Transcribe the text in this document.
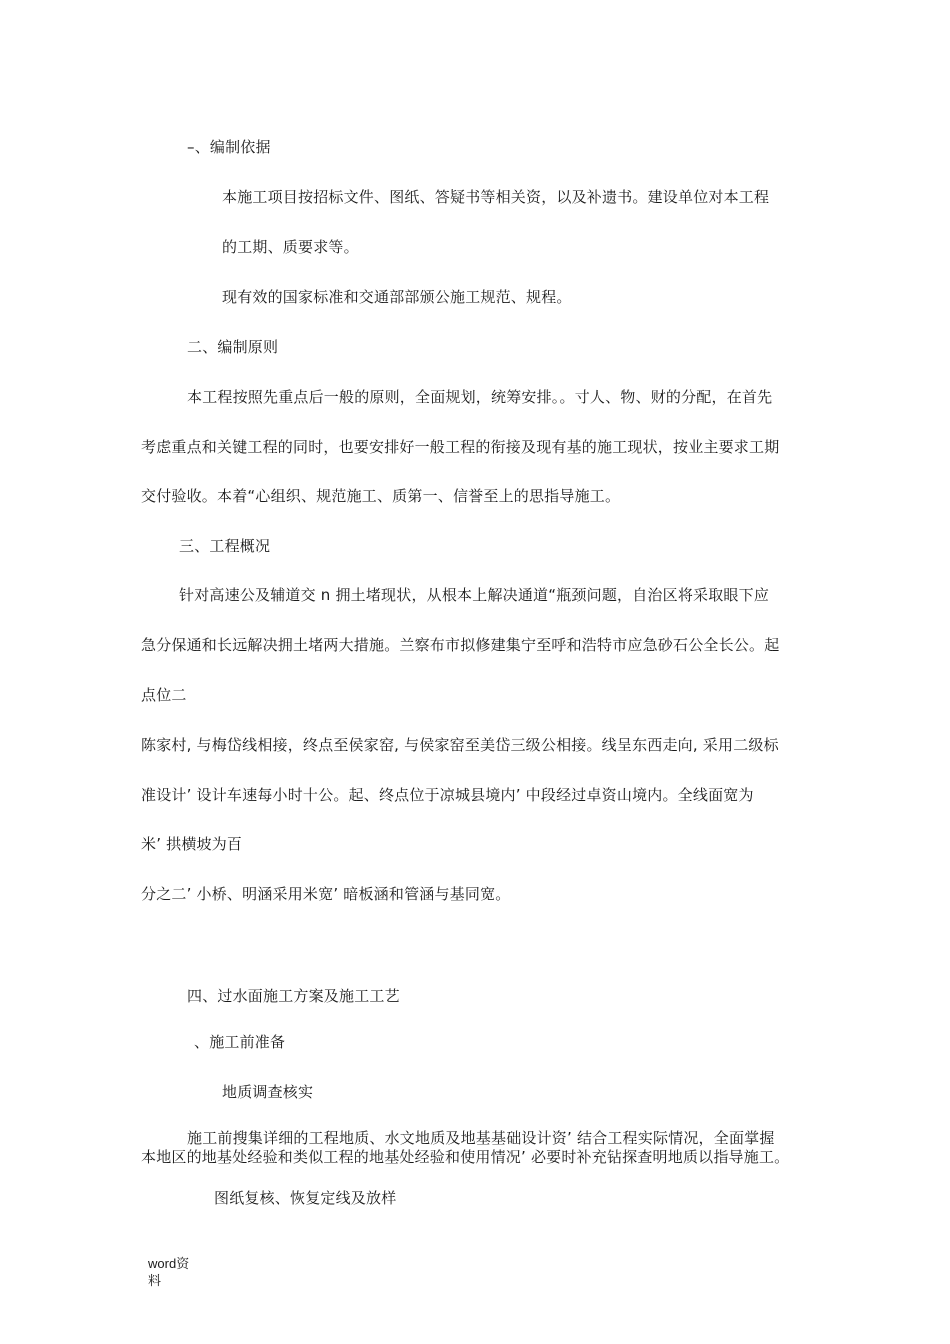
–、编制依据
本施工项目按招标文件、图纸、答疑书等相关资，以及补遗书。建设单位对本工程
的工期、质要求等。
现有效的国家标准和交通部部颁公施工规范、规程。
二、编制原则
本工程按照先重点后一般的原则，全面规划，统筹安排。。寸人、物、财的分配，在首先
考虑重点和关键工程的同时，也要安排好一般工程的衔接及现有基的施工现状，按业主要求工期
交付验收。本着“心组织、规范施工、质第一、信誉至上的思指导施工。
三、工程概况
针对高速公及辅道交 n 拥土堵现状，从根本上解决通道“瓶颈问题，自治区将采取眼下应
急分保通和长远解决拥土堵两大措施。兰察布市拟修建集宁至呼和浩特市应急砂石公全长公。起
点位二
陈家村, 与梅岱线相接，终点至侯家窑, 与侯家窑至美岱三级公相接。线呈东西走向, 采用二级标
准设计’ 设计车速每小时十公。起、终点位于凉城县境内’ 中段经过卓资山境内。全线面宽为
米’ 拱横坡为百
分之二’ 小桥、明涵采用米宽’ 暗板涵和管涵与基同宽。
四、过水面施工方案及施工工艺
、施工前准备
地质调查核实
施工前搜集详细的工程地质、水文地质及地基基础设计资’ 结合工程实际情况，全面掌握
本地区的地基处经验和类似工程的地基处经验和使用情况’ 必要时补充钻探查明地质以指导施工。
图纸复核、恢复定线及放样
word资
料
